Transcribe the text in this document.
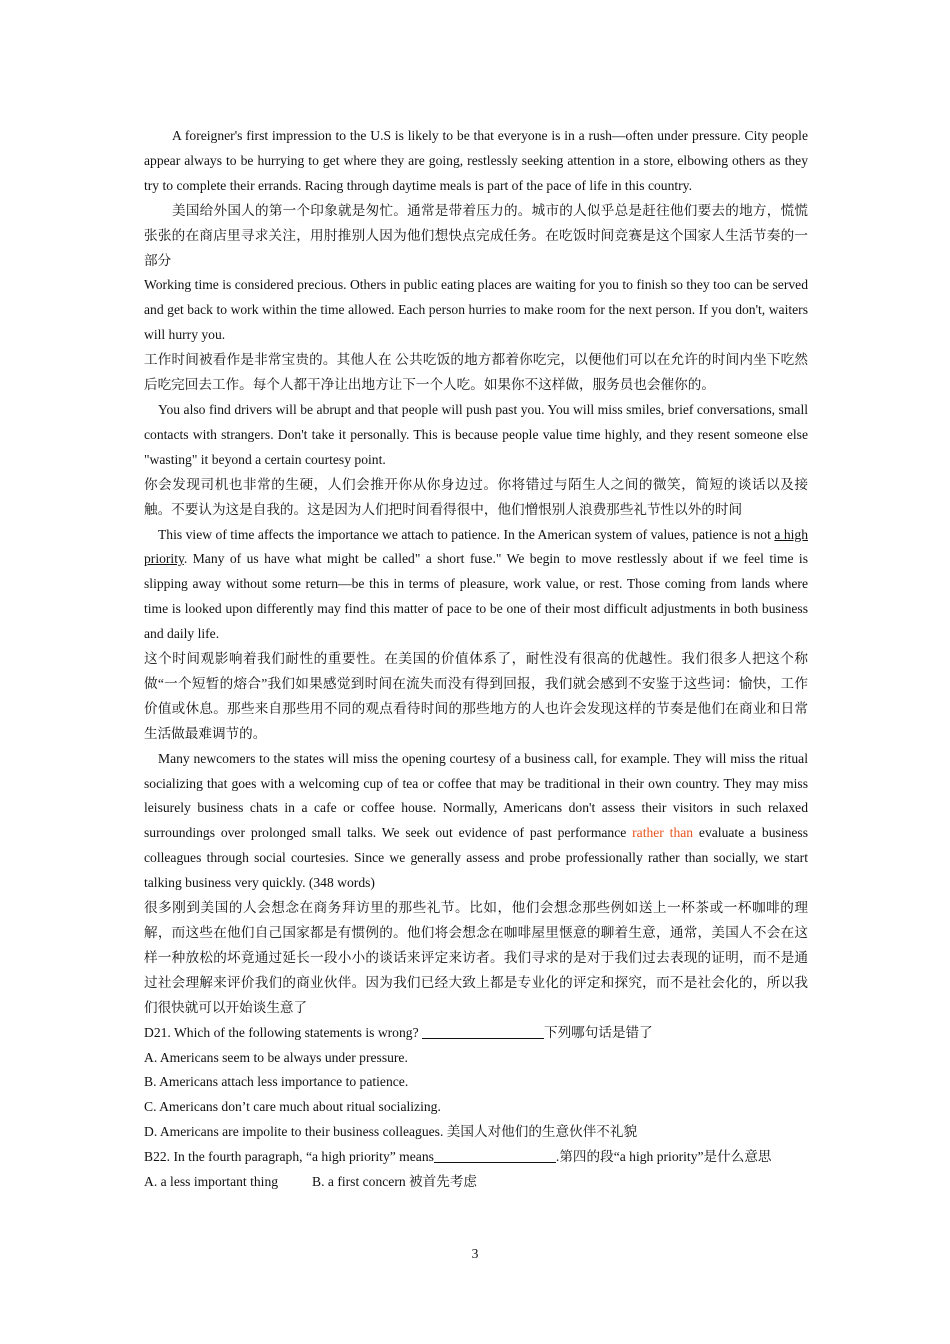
A foreigner's first impression to the U.S is likely to be that everyone is in a rush—often under pressure. City people appear always to be hurrying to get where they are going, restlessly seeking attention in a store, elbowing others as they try to complete their errands. Racing through daytime meals is part of the pace of life in this country.

美国给外国人的第一个印象就是匆忙。通常是带着压力的。城市的人似乎总是赶往他们要去的地方，慌慌张张的在商店里寻求关注，用肘推别人因为他们想快点完成任务。在吃饭时间竞赛是这个国家人生活节奏的一部分

Working time is considered precious. Others in public eating places are waiting for you to finish so they too can be served and get back to work within the time allowed. Each person hurries to make room for the next person. If you don't, waiters will hurry you.

工作时间被看作是非常宝贵的。其他人在 公共吃饭的地方都着你吃完，以便他们可以在允许的时间内坐下吃然后吃完回去工作。每个人都干净让出地方让下一个人吃。如果你不这样做，服务员也会催你的。

You also find drivers will be abrupt and that people will push past you. You will miss smiles, brief conversations, small contacts with strangers. Don't take it personally. This is because people value time highly, and they resent someone else "wasting" it beyond a certain courtesy point.

你会发现司机也非常的生硬，人们会推开你从你身边过。你将错过与陌生人之间的微笑，简短的谈话以及接触。不要认为这是自我的。这是因为人们把时间看得很中，他们憎恨别人浪费那些礼节性以外的时间

This view of time affects the importance we attach to patience. In the American system of values, patience is not a high priority. Many of us have what might be called" a short fuse." We begin to move restlessly about if we feel time is slipping away without some return—be this in terms of pleasure, work value, or rest. Those coming from lands where time is looked upon differently may find this matter of pace to be one of their most difficult adjustments in both business and daily life.

这个时间观影响着我们耐性的重要性。在美国的价值体系了，耐性没有很高的优越性。我们很多人把这个称做“一个短暂的熔合”我们如果感觉到时间在流失而没有得到回报，我们就会感到不安鉴于这些词：愉快，工作价值或休息。那些来自那些用不同的观点看待时间的那些地方的人也许会发现这样的节奏是他们在商业和日常生活做最难调节的。

Many newcomers to the states will miss the opening courtesy of a business call, for example. They will miss the ritual socializing that goes with a welcoming cup of tea or coffee that may be traditional in their own country. They may miss leisurely business chats in a cafe or coffee house. Normally, Americans don't assess their visitors in such relaxed surroundings over prolonged small talks. We seek out evidence of past performance rather than evaluate a business colleagues through social courtesies. Since we generally assess and probe professionally rather than socially, we start talking business very quickly. (348 words)

很多刚到美国的人会想念在商务拜访里的那些礼节。比如，他们会想念那些例如送上一杯茶或一杯咖啡的理解，而这些在他们自己国家都是有惯例的。他们将会想念在咖啡屋里惬意的聊着生意，通常，美国人不会在这样一种放松的坏竟通过延长一段小小的谈话来评定来访者。我们寻求的是对于我们过去表现的证明，而不是通过社会理解来评价我们的商业伙伴。因为我们已经大致上都是专业化的评定和探究，而不是社会化的，所以我们很快就可以开始谈生意了

D21. Which of the following statements is wrong?	下列哪句话是错了

A. Americans seem to be always under pressure.

B. Americans attach less importance to patience.

C. Americans don’t care much about ritual socializing.

D. Americans are impolite to their business colleagues. 美国人对他们的生意伙伴不礼貌

B22. In the fourth paragraph, “a high priority” means	.第四的段“a high priority”是什么意思

A. a less important thing	B. a first concern 被首先考虑

3
